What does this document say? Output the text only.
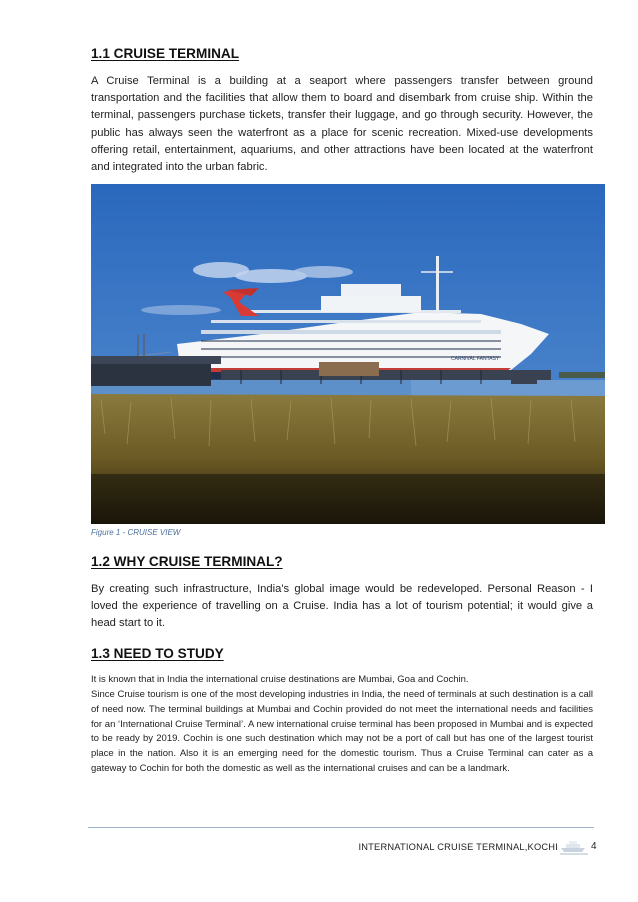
1.1 CRUISE TERMINAL

A Cruise Terminal is a building at a seaport where passengers transfer between ground transportation and the facilities that allow them to board and disembark from cruise ship. Within the terminal, passengers purchase tickets, transfer their luggage, and go through security. However, the public has always seen the waterfront as a place for scenic recreation. Mixed-use developments offering retail, entertainment, aquariums, and other attractions have been located at the waterfront and integrated into the urban fabric.

CARNIVAL FANTASY
Figure 1 - CRUISE VIEW
1.2 WHY CRUISE TERMINAL?

By creating such infrastructure, India's global image would be redeveloped. Personal Reason - I loved the experience of travelling on a Cruise. India has a lot of tourism potential; it would give a head start to it.

1.3 NEED TO STUDY

It is known that in India the international cruise destinations are Mumbai, Goa and Cochin.

Since Cruise tourism is one of the most developing industries in India, the need of terminals at such destination is a call of need now. The terminal buildings at Mumbai and Cochin provided do not meet the international needs and facilities for an ‘International Cruise Terminal’. A new international cruise terminal has been proposed in Mumbai and is expected to be ready by 2019. Cochin is one such destination which may not be a port of call but has one of the largest tourist place in the nation. Also it is an emerging need for the domestic tourism. Thus a Cruise Terminal can cater as a gateway to Cochin for both the domestic as well as the international cruises and can be a landmark.

INTERNATIONAL CRUISE TERMINAL,KOCHI	4
